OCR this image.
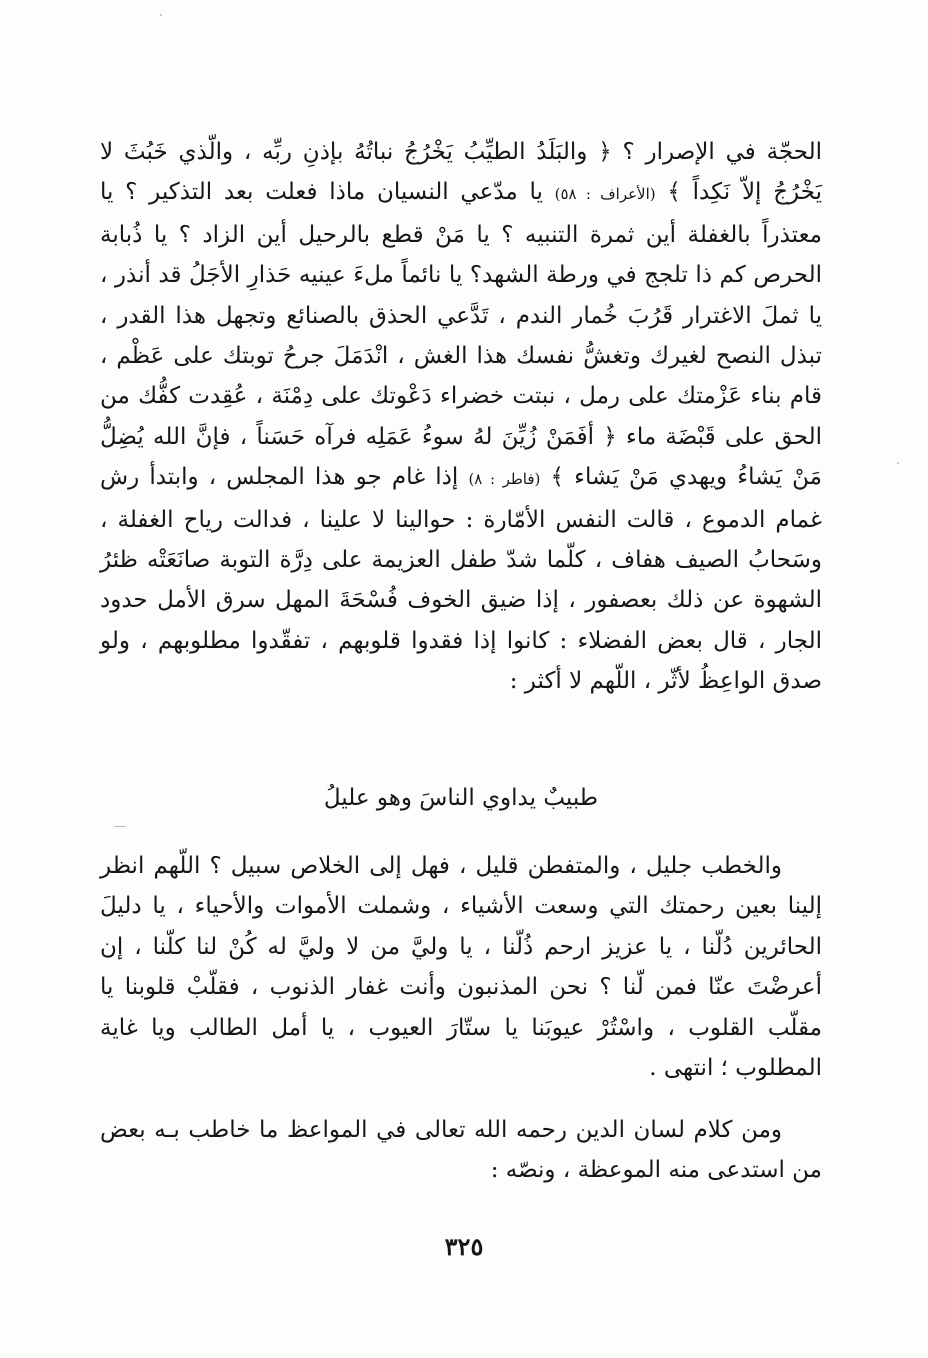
الحجّة في الإصرار ؟ ﴿ والبَلَدُ الطيِّبُ يَخْرُجُ نباتُهُ بإذنِ ربِّه ، والّذي خَبُثَ لا يَخْرُجُ إلاّ نَكِداً ﴾ (الأعراف : ٥٨) يا مدّعي النسيان ماذا فعلت بعد التذكير ؟ يا معتذراً بالغفلة أين ثمرة التنبيه ؟ يا مَنْ قطع بالرحيل أين الزاد ؟ يا ذُبابة الحرص كم ذا تلجج في ورطة الشهد؟ يا نائماً ملءَ عينيه حَذارِ الأجَلُ قد أنذر ، يا ثملَ الاغترار قَرُبَ خُمار الندم ، تَدَّعي الحذق بالصنائع وتجهل هذا القدر ، تبذل النصح لغيرك وتغشُّ نفسك هذا الغش ، انْدَمَلَ جرحُ توبتك على عَظْم ، قام بناء عَزْمتك على رمل ، نبتت خضراء دَعْوتك على دِمْنَة ، عُقِدت كفُّك من الحق على قَبْضَة ماء ﴿ أفَمَنْ زُيِّنَ لهُ سوءُ عَمَلِه فرآه حَسَناً ، فإنَّ الله يُضِلُّ مَنْ يَشاءُ ويهدي مَنْ يَشاء ﴾ (فاطر : ٨) إذا غام جو هذا المجلس ، وابتدأ رش غمام الدموع ، قالت النفس الأمّارة : حوالينا لا علينا ، فدالت رياح الغفلة ، وسَحابُ الصيف هفاف ، كلّما شدّ طفل العزيمة على دِرَّة التوبة صانَعَتْه ظئرُ الشهوة عن ذلك بعصفور ، إذا ضيق الخوف فُسْحَةَ المهل سرق الأمل حدود الجار ، قال بعض الفضلاء : كانوا إذا فقدوا قلوبهم ، تفقّدوا مطلوبهم ، ولو صدق الواعِظُ لأثّر ، اللّهم لا أكثر :

طبيبٌ يداوي الناسَ وهو عليلُ

والخطب جليل ، والمتفطن قليل ، فهل إلى الخلاص سبيل ؟ اللّهم انظر إلينا بعين رحمتك التي وسعت الأشياء ، وشملت الأموات والأحياء ، يا دليلَ الحائرين دُلّنا ، يا عزيز ارحم ذُلّنا ، يا وليَّ من لا وليَّ له كُنْ لنا كلّنا ، إن أعرضْتَ عنّا فمن لّنا ؟ نحن المذنبون وأنت غفار الذنوب ، فقلّبْ قلوبنا يا مقلّب القلوب ، واسْتُرْ عيوبَنا يا ستّارَ العيوب ، يا أمل الطالب ويا غاية المطلوب ؛ انتهى .

ومن كلام لسان الدين رحمه الله تعالى في المواعظ ما خاطب بـه بعض من استدعى منه الموعظة ، ونصّه :

٣٢٥
